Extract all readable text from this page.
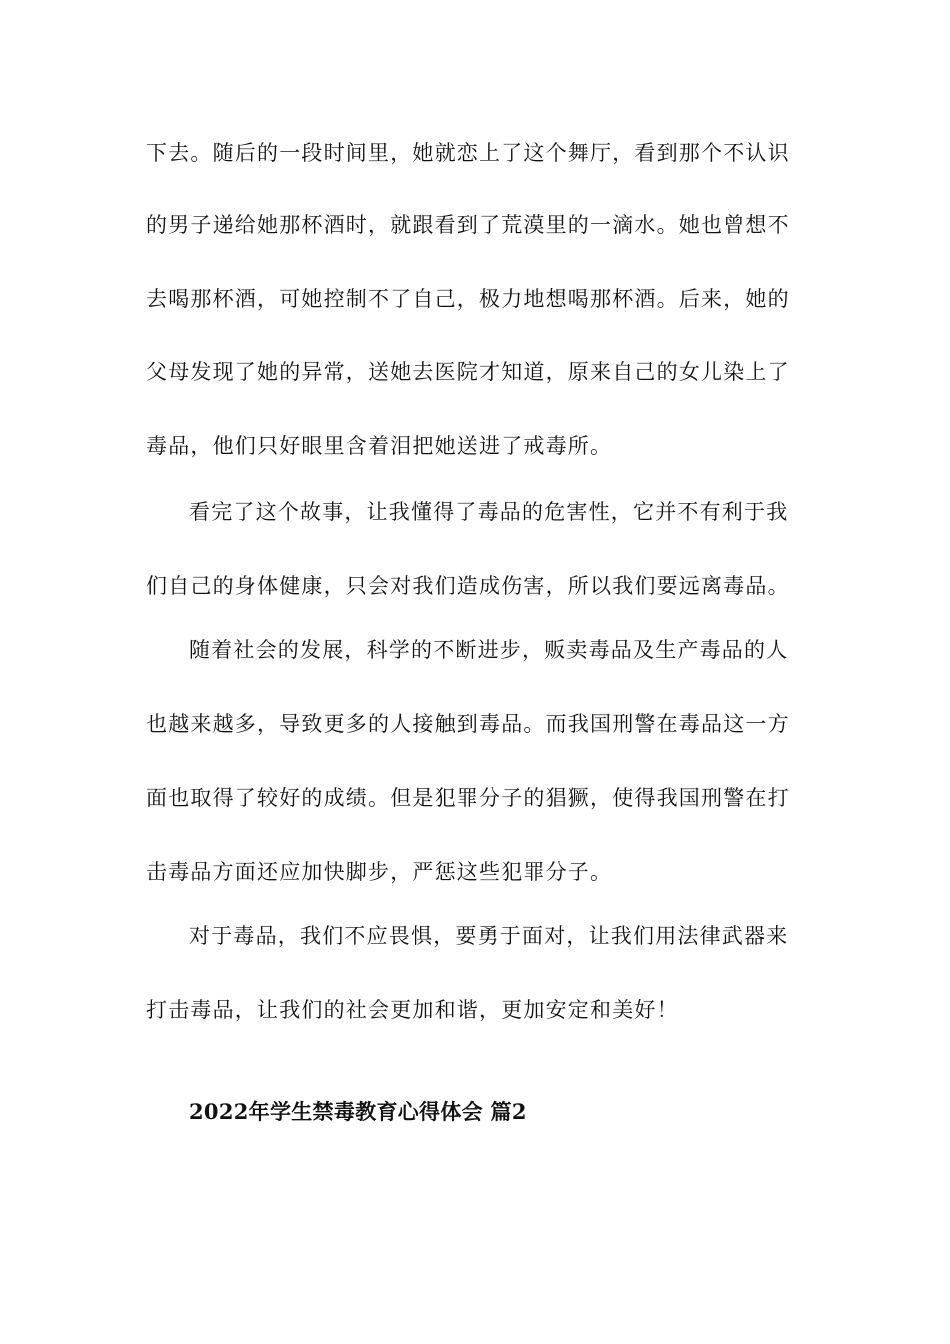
下去。随后的一段时间里，她就恋上了这个舞厅，看到那个不认识
的男子递给她那杯酒时，就跟看到了荒漠里的一滴水。她也曾想不
去喝那杯酒，可她控制不了自己，极力地想喝那杯酒。后来，她的
父母发现了她的异常，送她去医院才知道，原来自己的女儿染上了
毒品，他们只好眼里含着泪把她送进了戒毒所。
看完了这个故事，让我懂得了毒品的危害性，它并不有利于我
们自己的身体健康，只会对我们造成伤害，所以我们要远离毒品。
随着社会的发展，科学的不断进步，贩卖毒品及生产毒品的人
也越来越多，导致更多的人接触到毒品。而我国刑警在毒品这一方
面也取得了较好的成绩。但是犯罪分子的猖獗，使得我国刑警在打
击毒品方面还应加快脚步，严惩这些犯罪分子。
对于毒品，我们不应畏惧，要勇于面对，让我们用法律武器来
打击毒品，让我们的社会更加和谐，更加安定和美好！
2022年学生禁毒教育心得体会 篇2
